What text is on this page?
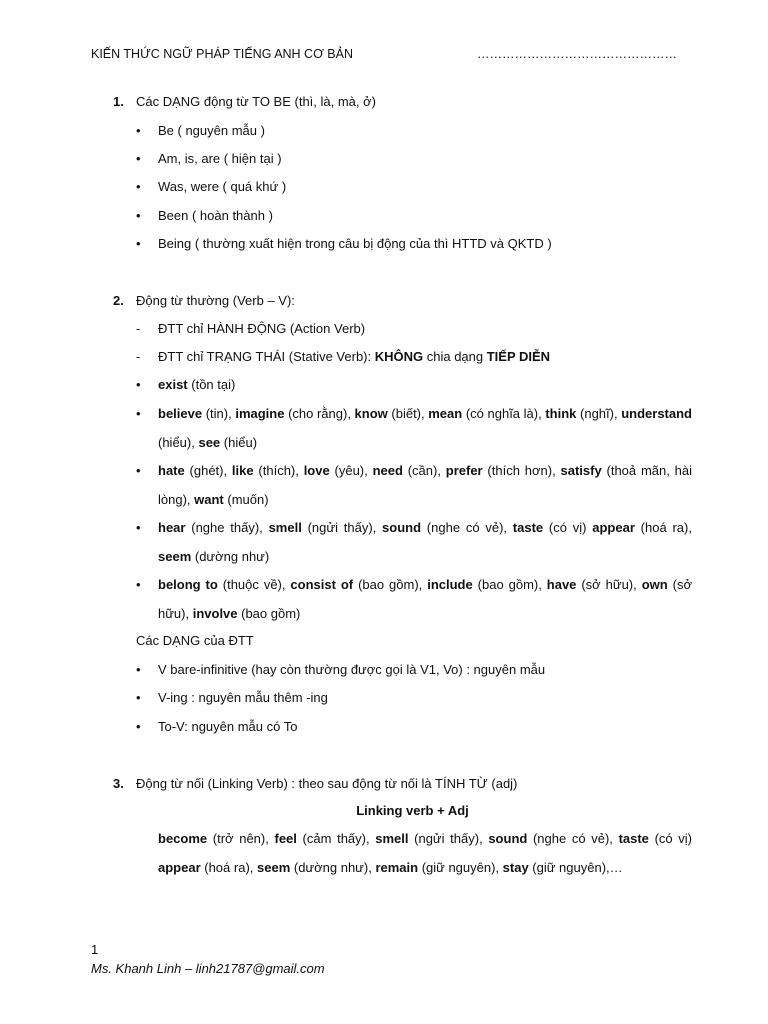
KIẾN THỨC NGỮ PHÁP TIẾNG ANH CƠ BẢN	…………………………………………
1. Các DẠNG động từ TO BE (thì, là, mà, ở)
• Be ( nguyên mẫu )
• Am, is, are ( hiện tại )
• Was, were ( quá khứ )
• Been ( hoàn thành )
• Being ( thường xuất hiện trong câu bị động của thì HTTD và QKTD )
2. Động từ thường (Verb – V):
- ĐTT chỉ HÀNH ĐỘNG (Action Verb)
- ĐTT chỉ TRẠNG THÁI (Stative Verb): KHÔNG chia dạng TIẾP DIỄN
• exist (tồn tại)
• believe (tin), imagine (cho rằng), know (biết), mean (có nghĩa là), think (nghĩ), understand (hiểu), see (hiểu)
• hate (ghét), like (thích), love (yêu), need (cần), prefer (thích hơn), satisfy (thoả mãn, hài lòng), want (muốn)
• hear (nghe thấy), smell (ngửi thấy), sound (nghe có vẻ), taste (có vị) appear (hoá ra), seem (dường như)
• belong to (thuộc về), consist of (bao gồm), include (bao gồm), have (sở hữu), own (sở hữu), involve (bao gồm)
Các DẠNG của ĐTT
• V bare-infinitive (hay còn thường được gọi là V1, Vo) : nguyên mẫu
• V-ing : nguyên mẫu thêm -ing
• To-V: nguyên mẫu có To
3. Động từ nối (Linking Verb) : theo sau động từ nối là TÍNH TỪ (adj)
Linking verb + Adj
become (trở nên), feel (cảm thấy), smell (ngửi thấy), sound (nghe có vẻ), taste (có vị) appear (hoá ra), seem (dường như), remain (giữ nguyên), stay (giữ nguyên),…
1
Ms. Khanh Linh – linh21787@gmail.com
